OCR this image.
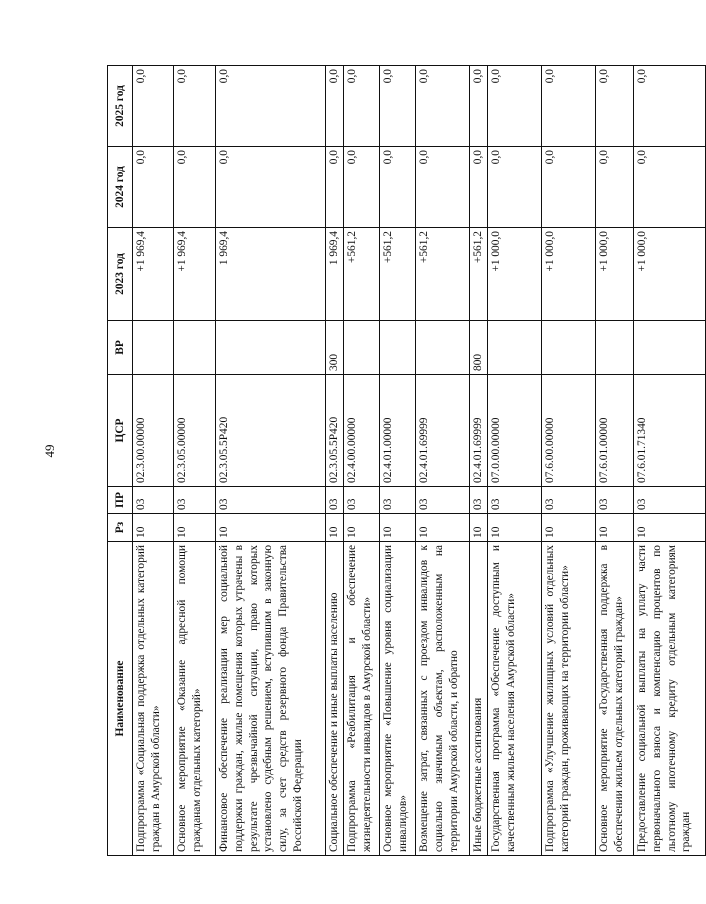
49
Наименование	Рз	ПР	ЦСР	ВР	2023 год	2024 год	2025 год
Подпрограмма «Социальная поддержка отдельных категорий граждан в Амурской области»	10	03	02.3.00.00000		+1 969,4	0,0	0,0
Основное мероприятие «Оказание адресной помощи гражданам отдельных категорий»	10	03	02.3.05.00000		+1 969,4	0,0	0,0
Финансовое обеспечение реализации мер социальной поддержки граждан, жилые помещения которых утрачены в результате чрезвычайной ситуации, право которых установлено судебным решением, вступившим в законную силу, за счет средств резервного фонда Правительства Российской Федерации	10	03	02.3.05.5Р420		1 969,4	0,0	0,0
Социальное обеспечение и иные выплаты населению	10	03	02.3.05.5Р420	300	1 969,4	0,0	0,0
Подпрограмма «Реабилитация и обеспечение жизнедеятельности инвалидов в Амурской области»	10	03	02.4.00.00000		+561,2	0,0	0,0
Основное мероприятие «Повышение уровня социализации инвалидов»	10	03	02.4.01.00000		+561,2	0,0	0,0
Возмещение затрат, связанных с проездом инвалидов к социально значимым объектам, расположенным на территории Амурской области, и обратно	10	03	02.4.01.69999		+561,2	0,0	0,0
Иные бюджетные ассигнования	10	03	02.4.01.69999	800	+561,2	0,0	0,0
Государственная программа «Обеспечение доступным и качественным жильем населения Амурской области»	10	03	07.0.00.00000		+1 000,0	0,0	0,0
Подпрограмма «Улучшение жилищных условий отдельных категорий граждан, проживающих на территории области»	10	03	07.6.00.00000		+1 000,0	0,0	0,0
Основное мероприятие «Государственная поддержка в обеспечении жильем отдельных категорий граждан»	10	03	07.6.01.00000		+1 000,0	0,0	0,0
Предоставление социальной выплаты на уплату части первоначального взноса и компенсацию процентов по льготному ипотечному кредиту отдельным категориям граждан	10	03	07.6.01.71340		+1 000,0	0,0	0,0
